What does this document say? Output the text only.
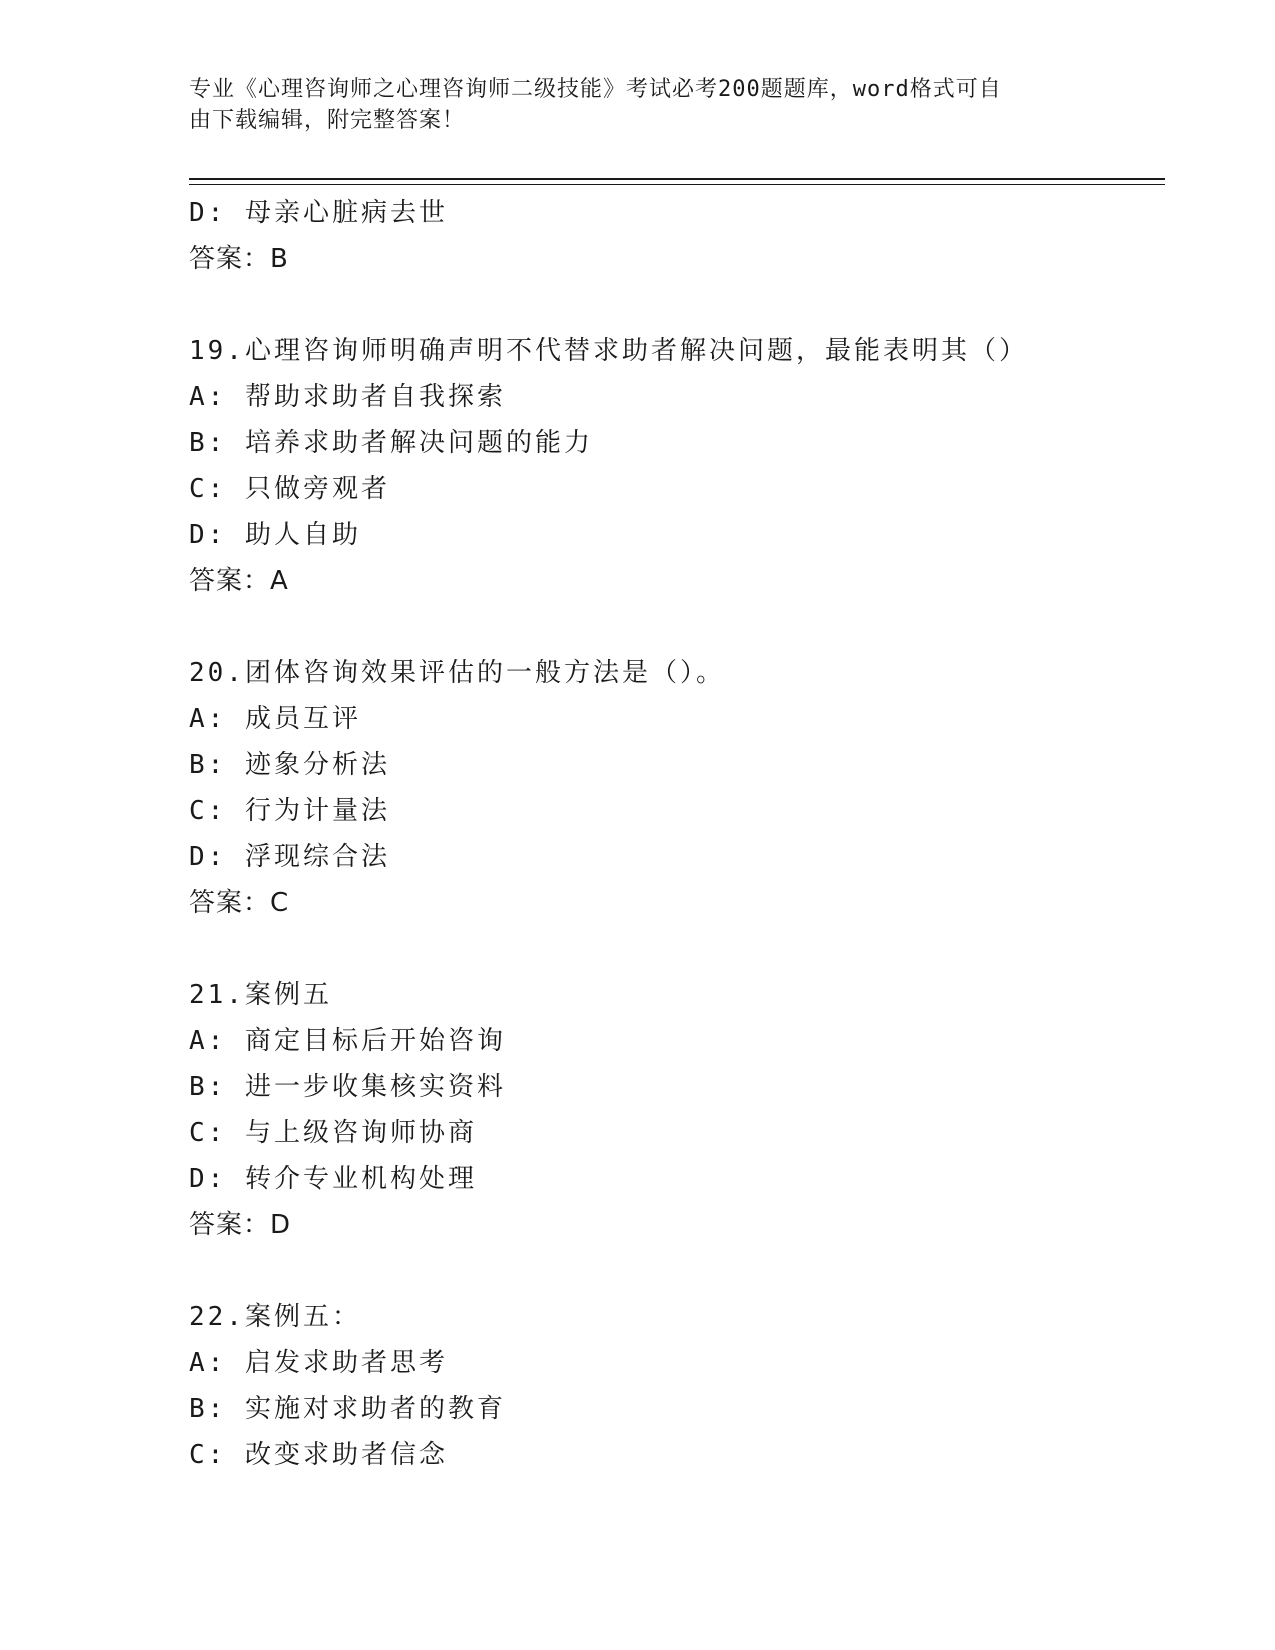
专业《心理咨询师之心理咨询师二级技能》考试必考200题题库，word格式可自
由下载编辑，附完整答案！
D: 母亲心脏病去世
答案：B
19.心理咨询师明确声明不代替求助者解决问题，最能表明其（）
A: 帮助求助者自我探索
B: 培养求助者解决问题的能力
C: 只做旁观者
D: 助人自助
答案：A
20.团体咨询效果评估的一般方法是（）。
A: 成员互评
B: 迹象分析法
C: 行为计量法
D: 浮现综合法
答案：C
21.案例五
A: 商定目标后开始咨询
B: 进一步收集核实资料
C: 与上级咨询师协商
D: 转介专业机构处理
答案：D
22.案例五：
A: 启发求助者思考
B: 实施对求助者的教育
C: 改变求助者信念
